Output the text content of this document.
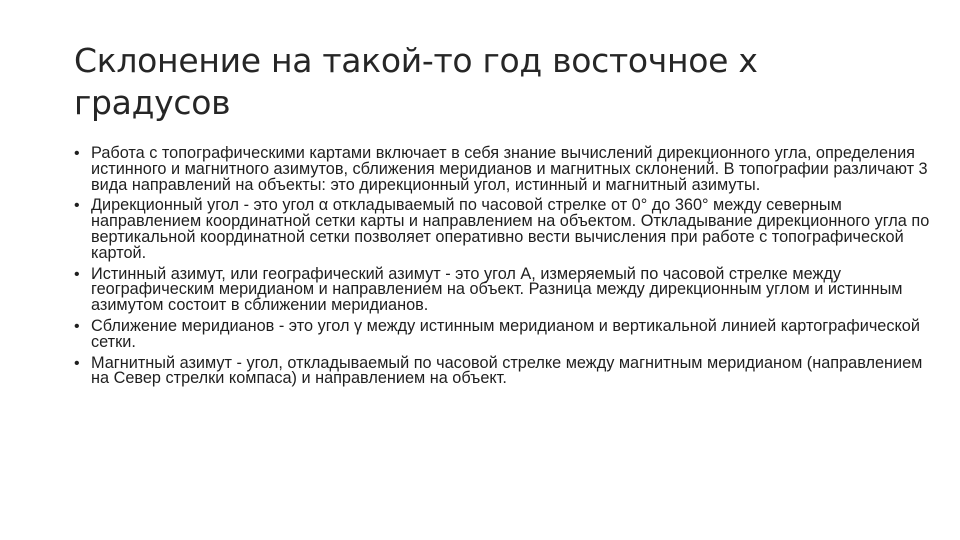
Склонение на такой-то год восточное х градусов
• Работа с топографическими картами включает в себя знание вычислений дирекционного угла, определения истинного и магнитного азимутов, сближения меридианов и магнитных склонений. В топографии различают 3 вида направлений на объекты: это дирекционный угол, истинный и магнитный азимуты.
• Дирекционный угол - это угол α откладываемый по часовой стрелке от 0° до 360° между северным направлением координатной сетки карты и направлением на объектом. Откладывание дирекционного угла по вертикальной координатной сетки позволяет оперативно вести вычисления при работе с топографической картой.
• Истинный азимут, или географический азимут - это угол А, измеряемый по часовой стрелке между географическим меридианом и направлением на объект. Разница между дирекционным углом и истинным азимутом состоит в сближении меридианов.
• Сближение меридианов - это угол γ между истинным меридианом и вертикальной линией картографической сетки.
• Магнитный азимут - угол, откладываемый по часовой стрелке между магнитным меридианом (направлением на Север стрелки компаса) и направлением на объект.
